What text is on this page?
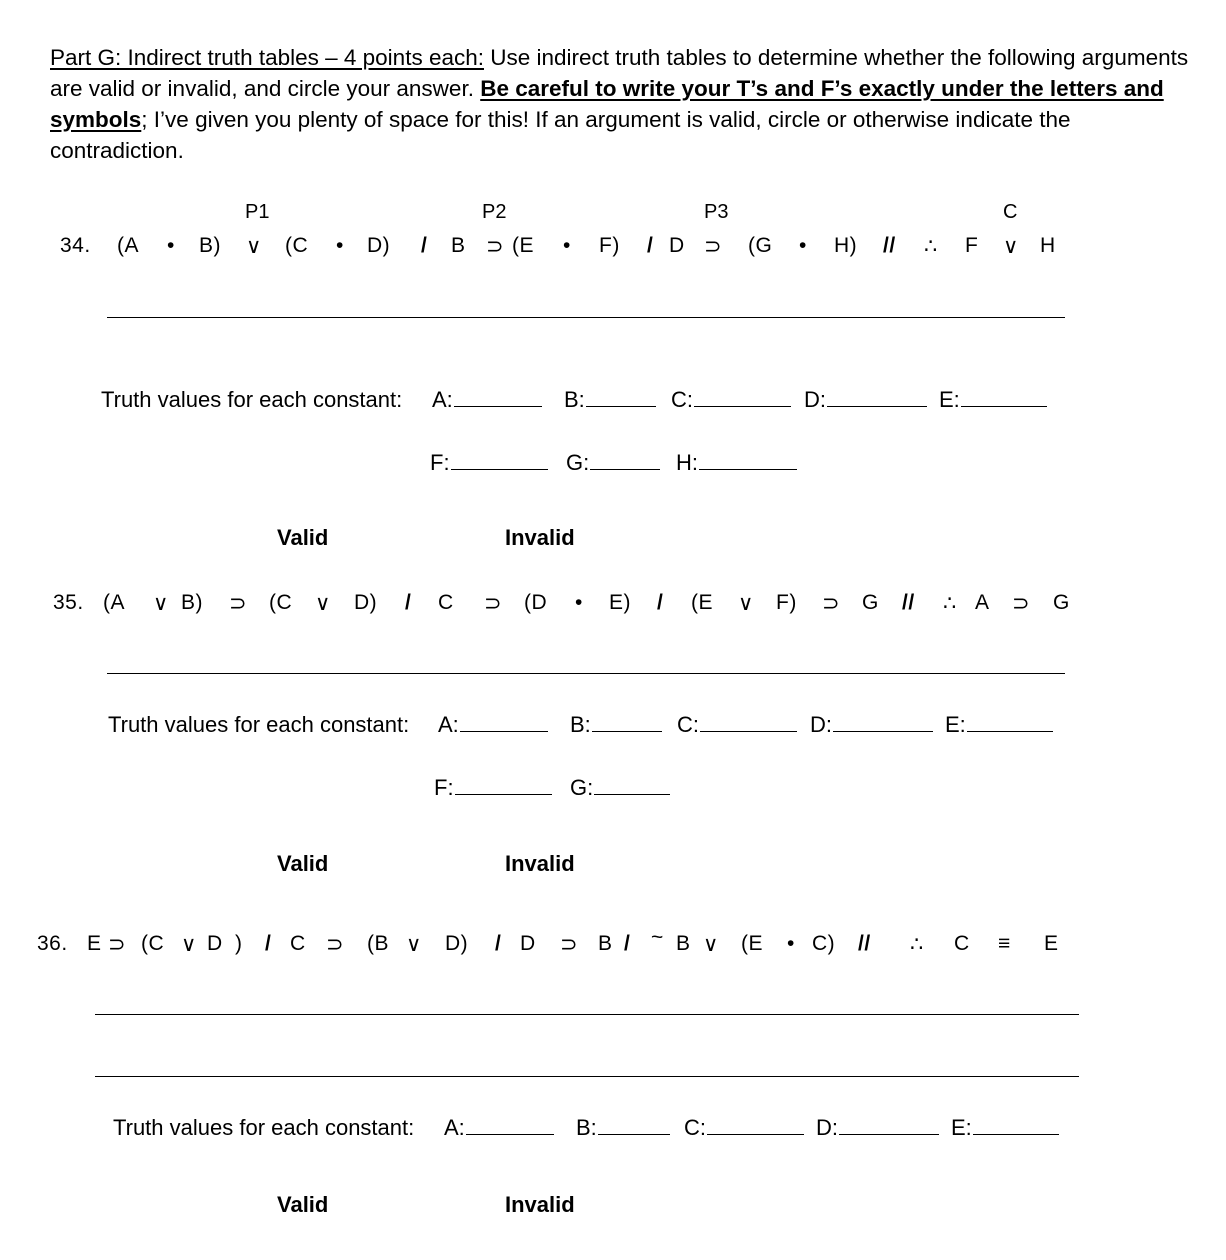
Part G: Indirect truth tables – 4 points each: Use indirect truth tables to determine whether the following arguments are valid or invalid, and circle your answer. Be careful to write your T’s and F’s exactly under the letters and symbols; I’ve given you plenty of space for this! If an argument is valid, circle or otherwise indicate the contradiction.
P1	P2	P3	C
34. (A • B) ∨ (C • D) / B ⊃ (E • F) / D ⊃ (G • H) // ∴ F ∨ H
Truth values for each constant: A:	B:	C:	D:	E:
F:	G:	H:
Valid	Invalid
35. (A ∨ B) ⊃ (C ∨ D) / C ⊃ (D • E) / (E ∨ F) ⊃ G // ∴ A ⊃ G
Truth values for each constant: A:	B:	C:	D:	E:
F:	G:
Valid	Invalid
36. E ⊃ (C ∨ D ) / C ⊃ (B ∨ D) / D ⊃ B / ~ B ∨ (E • C) // ∴ C ≡ E
Truth values for each constant: A:	B:	C:	D:	E:
Valid	Invalid
